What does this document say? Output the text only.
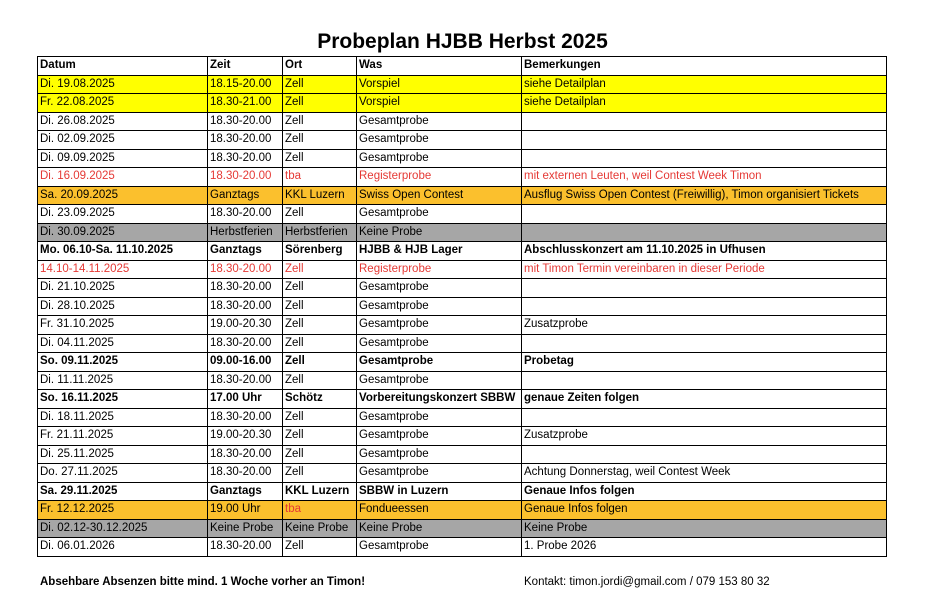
Probeplan HJBB Herbst 2025
Datum	Zeit	Ort	Was	Bemerkungen
Di. 19.08.2025	18.15-20.00	Zell	Vorspiel	siehe Detailplan
Fr. 22.08.2025	18.30-21.00	Zell	Vorspiel	siehe Detailplan
Di. 26.08.2025	18.30-20.00	Zell	Gesamtprobe	
Di. 02.09.2025	18.30-20.00	Zell	Gesamtprobe	
Di. 09.09.2025	18.30-20.00	Zell	Gesamtprobe	
Di. 16.09.2025	18.30-20.00	tba	Registerprobe	mit externen Leuten, weil Contest Week Timon
Sa. 20.09.2025	Ganztags	KKL Luzern	Swiss Open Contest	Ausflug Swiss Open Contest (Freiwillig), Timon organisiert Tickets
Di. 23.09.2025	18.30-20.00	Zell	Gesamtprobe	
Di. 30.09.2025	Herbstferien	Herbstferien	Keine Probe	
Mo. 06.10-Sa. 11.10.2025	Ganztags	Sörenberg	HJBB & HJB Lager	Abschlusskonzert am 11.10.2025 in Ufhusen
14.10-14.11.2025	18.30-20.00	Zell	Registerprobe	mit Timon Termin vereinbaren in dieser Periode
Di. 21.10.2025	18.30-20.00	Zell	Gesamtprobe	
Di. 28.10.2025	18.30-20.00	Zell	Gesamtprobe	
Fr. 31.10.2025	19.00-20.30	Zell	Gesamtprobe	Zusatzprobe
Di. 04.11.2025	18.30-20.00	Zell	Gesamtprobe	
So. 09.11.2025	09.00-16.00	Zell	Gesamtprobe	Probetag
Di. 11.11.2025	18.30-20.00	Zell	Gesamtprobe	
So. 16.11.2025	17.00 Uhr	Schötz	Vorbereitungskonzert SBBW	genaue Zeiten folgen
Di. 18.11.2025	18.30-20.00	Zell	Gesamtprobe	
Fr. 21.11.2025	19.00-20.30	Zell	Gesamtprobe	Zusatzprobe
Di. 25.11.2025	18.30-20.00	Zell	Gesamtprobe	
Do. 27.11.2025	18.30-20.00	Zell	Gesamtprobe	Achtung Donnerstag, weil Contest Week
Sa. 29.11.2025	Ganztags	KKL Luzern	SBBW in Luzern	Genaue Infos folgen
Fr. 12.12.2025	19.00 Uhr	tba	Fondueessen	Genaue Infos folgen
Di. 02.12-30.12.2025	Keine Probe	Keine Probe	Keine Probe	Keine Probe
Di. 06.01.2026	18.30-20.00	Zell	Gesamtprobe	1. Probe 2026
Absehbare Absenzen bitte mind. 1 Woche vorher an Timon!	Kontakt: timon.jordi@gmail.com / 079 153 80 32
